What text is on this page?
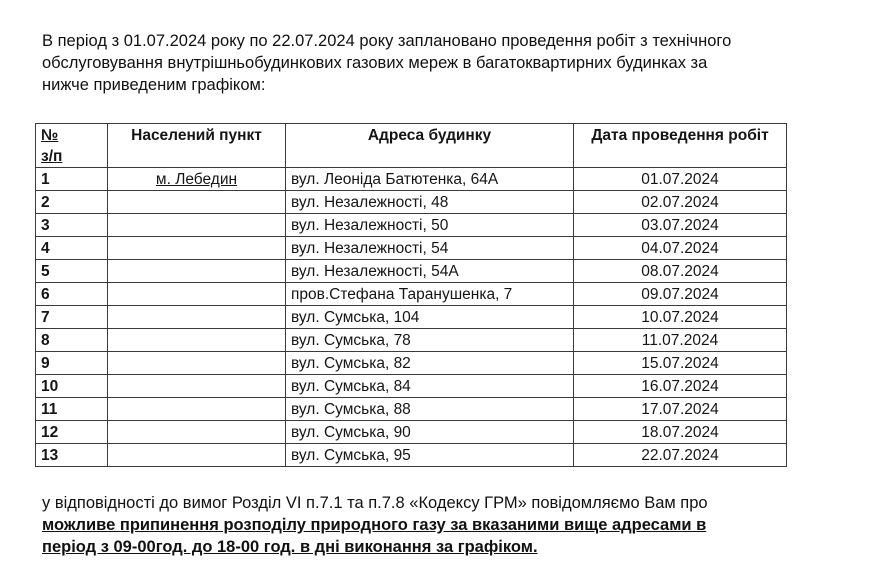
В період з 01.07.2024 року по 22.07.2024 року заплановано проведення робіт з технічного
обслуговування внутрішньобудинкових газових мереж в багатоквартирних будинках за
нижче приведеним графіком:

№
з/п	Населений пункт	Адреса будинку	Дата проведення робіт
1	м. Лебедин	вул. Леоніда Батютенка, 64А	01.07.2024
2		вул. Незалежності, 48	02.07.2024
3		вул. Незалежності, 50	03.07.2024
4		вул. Незалежності, 54	04.07.2024
5		вул. Незалежності, 54А	08.07.2024
6		пров.Стефана Таранушенка, 7	09.07.2024
7		вул. Сумська, 104	10.07.2024
8		вул. Сумська, 78	11.07.2024
9		вул. Сумська, 82	15.07.2024
10		вул. Сумська, 84	16.07.2024
11		вул. Сумська, 88	17.07.2024
12		вул. Сумська, 90	18.07.2024
13		вул. Сумська, 95	22.07.2024

у відповідності до вимог Розділ VI п.7.1 та п.7.8 «Кодексу ГРМ» повідомляємо Вам про
можливе припинення розподілу природного газу за вказаними вище адресами в
період з 09-00год. до 18-00 год. в дні виконання за графіком.
